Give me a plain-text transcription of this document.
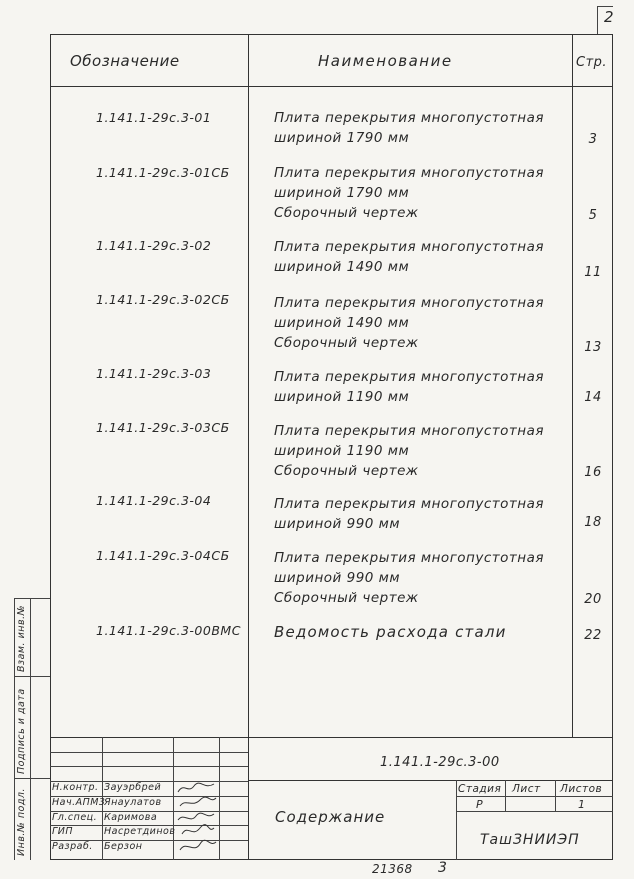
2
Обозначение	Наименование	Стр.
1.141.1-29с.3-01	Плита перекрытия многопустотная
шириной 1790 мм	3
1.141.1-29с.3-01СБ	Плита перекрытия многопустотная
шириной 1790 мм
Сборочный чертеж	5
1.141.1-29с.3-02	Плита перекрытия многопустотная
шириной 1490 мм	11
1.141.1-29с.3-02СБ	Плита перекрытия многопустотная
шириной 1490 мм
Сборочный чертеж	13
1.141.1-29с.3-03	Плита перекрытия многопустотная
шириной 1190 мм	14
1.141.1-29с.3-03СБ	Плита перекрытия многопустотная
шириной 1190 мм
Сборочный чертеж	16
1.141.1-29с.3-04	Плита перекрытия многопустотная
шириной 990 мм	18
1.141.1-29с.3-04СБ	Плита перекрытия многопустотная
шириной 990 мм
Сборочный чертеж	20
1.141.1-29с.3-00ВМС	Ведомость расхода стали	22
Взам. инв.№
Подпись и дата
Инв.№ подл.
Н.контр. Зауэрбрей
Нач.АПМ3
Янаулатов
Гл.спец. Каримова
ГИП	Насретдинов
Разраб. Берзон
1.141.1-29с.3-00
Содержание
Стадия Лист Листов
Р	1
ТашЗНИИЭП
21368 3
